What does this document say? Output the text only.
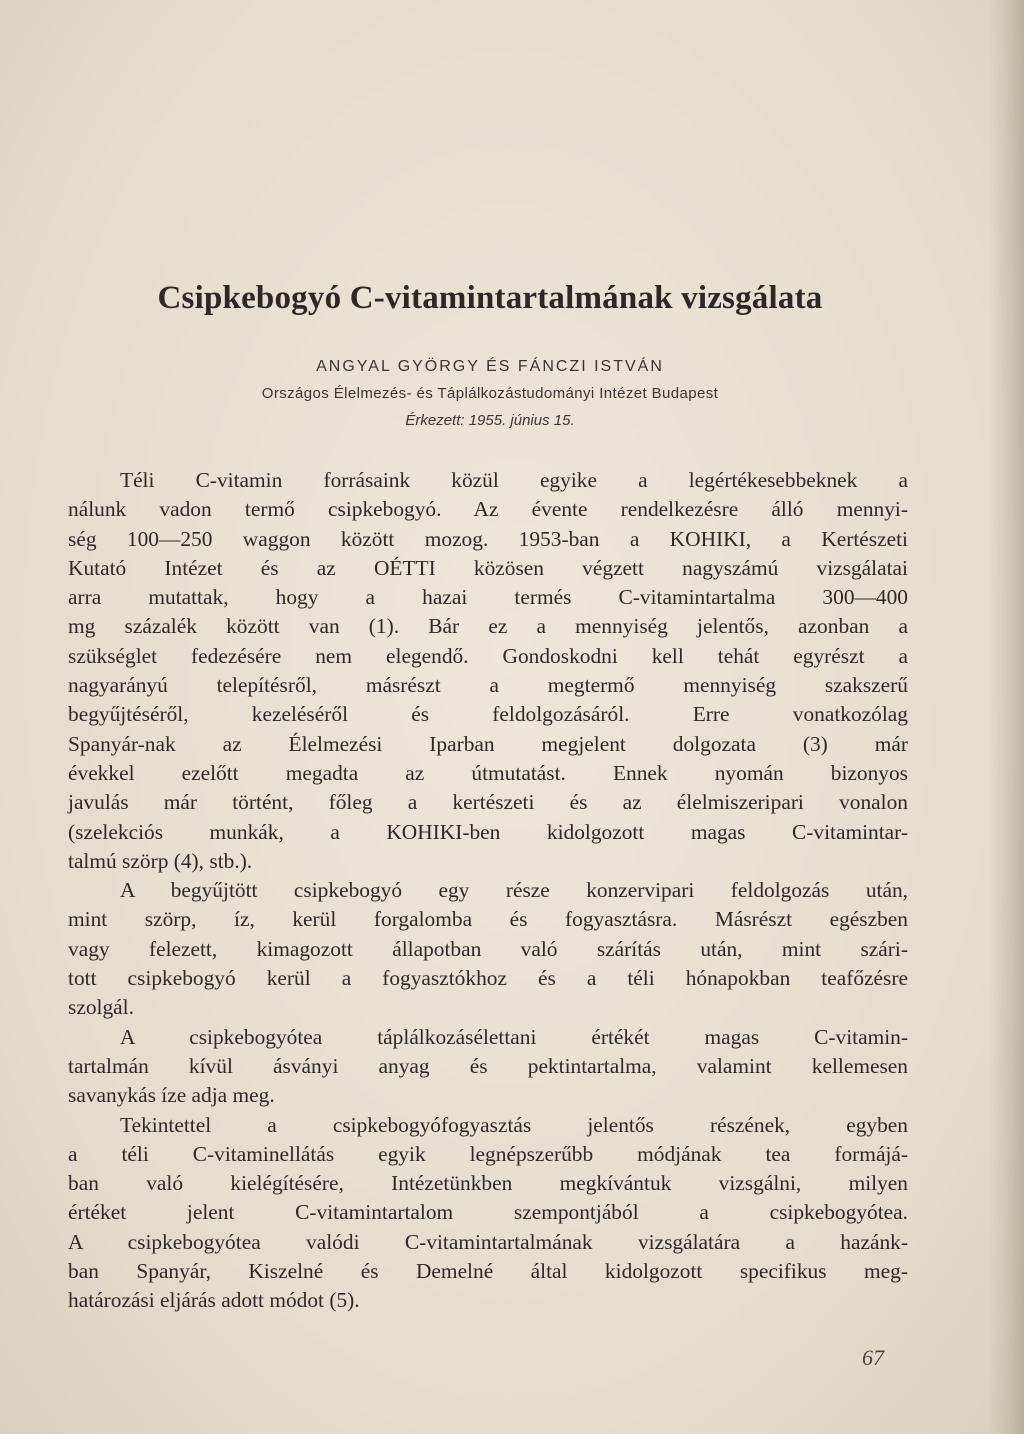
Csipkebogyó C-vitamintartalmának vizsgálata
ANGYAL GYÖRGY ÉS FÁNCZI ISTVÁN
Országos Élelmezés- és Táplálkozástudományi Intézet Budapest
Érkezett: 1955. június 15.
Téli C-vitamin forrásaink közül egyike a legértékesebbeknek a
nálunk vadon termő csipkebogyó. Az évente rendelkezésre álló mennyi-
ség 100—250 waggon között mozog. 1953-ban a KOHIKI, a Kertészeti
Kutató Intézet és az OÉTTI közösen végzett nagyszámú vizsgálatai
arra mutattak, hogy a hazai termés C-vitamintartalma 300—400
mg százalék között van (1). Bár ez a mennyiség jelentős, azonban a
szükséglet fedezésére nem elegendő. Gondoskodni kell tehát egyrészt a
nagyarányú telepítésről, másrészt a megtermő mennyiség szakszerű
begyűjtéséről, kezeléséről és feldolgozásáról. Erre vonatkozólag
Spanyár-nak az Élelmezési Iparban megjelent dolgozata (3) már
évekkel ezelőtt megadta az útmutatást. Ennek nyomán bizonyos
javulás már történt, főleg a kertészeti és az élelmiszeripari vonalon
(szelekciós munkák, a KOHIKI-ben kidolgozott magas C-vitamintar-
talmú szörp (4), stb.).
A begyűjtött csipkebogyó egy része konzervipari feldolgozás után,
mint szörp, íz, kerül forgalomba és fogyasztásra. Másrészt egészben
vagy felezett, kimagozott állapotban való szárítás után, mint szári-
tott csipkebogyó kerül a fogyasztókhoz és a téli hónapokban teafőzésre
szolgál.
A csipkebogyótea táplálkozásélettani értékét magas C-vitamin-
tartalmán kívül ásványi anyag és pektintartalma, valamint kellemesen
savanykás íze adja meg.
Tekintettel a csipkebogyófogyasztás jelentős részének, egyben
a téli C-vitaminellátás egyik legnépszerűbb módjának tea formájá-
ban való kielégítésére, Intézetünkben megkívántuk vizsgálni, milyen
értéket jelent C-vitamintartalom szempontjából a csipkebogyótea.
A csipkebogyótea valódi C-vitamintartalmának vizsgálatára a hazánk-
ban Spanyár, Kiszelné és Demelné által kidolgozott specifikus meg-
határozási eljárás adott módot (5).
67
